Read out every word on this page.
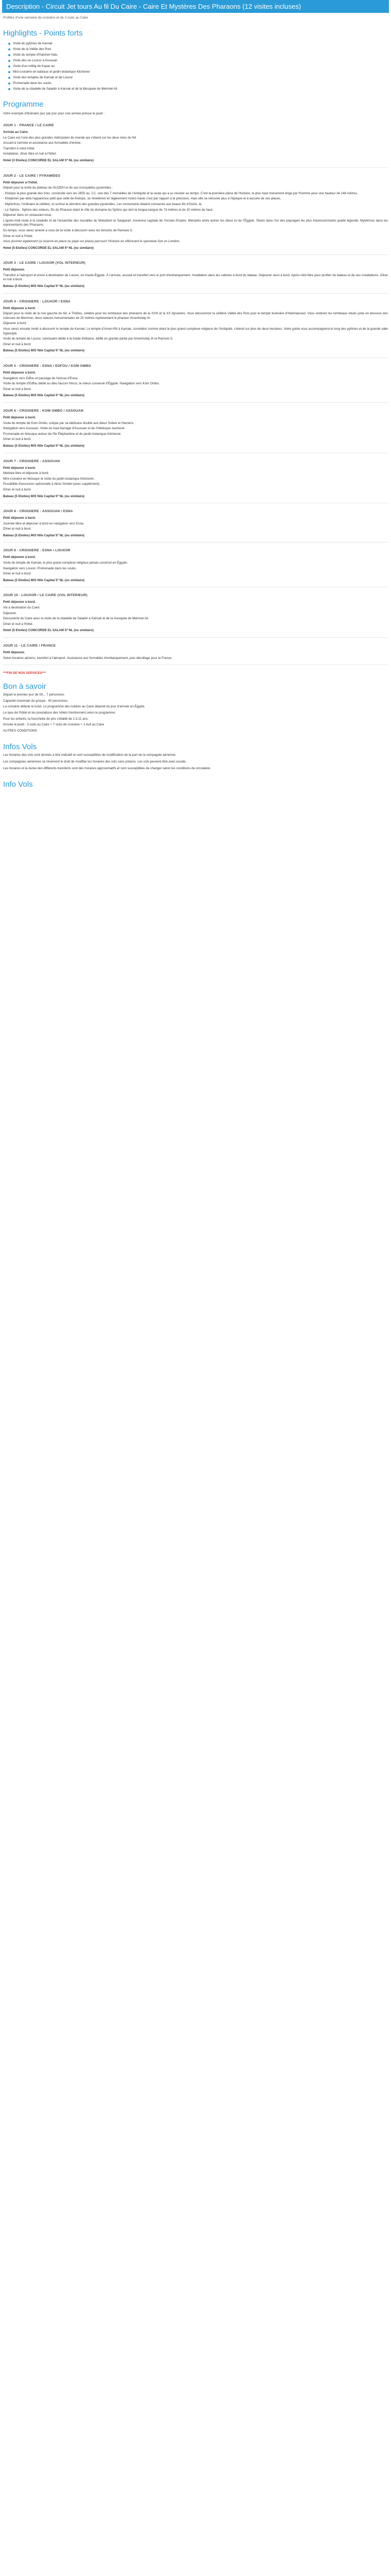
Description - Circuit Jet tours Au fil Du Caire - Caire Et Mystères Des Pharaons (12 visites incluses)
Profitez d'une semaine de croisière et de 3 nuits au Caire
Highlights - Points forts
Visite du pylônes de Karnak
Visite de la Vallée des Rois
Visite du temple d'Hatchet Hatu
Visite des ce Loucor à Assouan
Visite d'un intiilaj de Kapar au
Mini-croisière en bateaux et jardin botanique Kitchener
Visite des temples de Karnak et de Louxor
Promenade dans les souks
Visite de la citadelle de Saladin à Karnak et de la Mosquée de Mehmet Ali
Programme
Votre exemple d'itinéraire jour par jour pour une arrivée prévue le jeudi :
JOUR 1 - FRANCE / LE CAIRE

Arrivée au Caire.

Le Caire est l'une des plus grandes métropoles du monde qui s'étend sur les deux rives du Nil.

Accueil à l'arrivée et assistance aux formalités d'entrée.

Transfert à votre hôtel.

Installation, dîner libre et nuit à l'hôtel.

Hotel (3 Etoiles) CONCORDE EL SALAM 5* NL (ou similaire)

JOUR 2 - LE CAIRE / PYRAMIDES

Petit déjeuner à l'hôtel.

Départ pour la visite du plateau de GUIZEH et de ses incroyables pyramides :

- Khéops la plus grande des trois, construite vers les 2650 av. J.C. une des 7 merveilles de l'Antiquité et la seule qui a su résister au temps. C'est la première pièce de l'histoire, le plus haut monument érigé par l'homme pour une hauteur de 146 mètres.

- Khéphren par-delà l'apparence petit que celle de Khéops, se révélèrent en légèrement moins haute c'est par rapport à la précision, mais elle se retrouve plus à l'époque et à aucune de ses places.

- Mykérinos, l'ordinaire la célèbre, et surtout la dernière des grandes pyramides. Les monuments étaient consacrés aux beaux fils d'Osiris, la

- Le Sphinx : Sphinx des voleurs, fils du Pharaon étant le rôle du domaine du Sphinx qui dort la longue-langue de 73 mètres et de 20 mètres de haut.

Déjeuner dans un restaurant local.

L'après-midi visite à la citadelle et de l'ensemble des murailles du Mokattam et Saqqarah. Ancienne capitale de l'Ancien Empire, Memphis entre autres les dieux ici de l'Égypte. Situés dans l'un des paysages les plus impressionnants quelle légende, Mykérinos dans les représentants des Pharaons.

Du temps, vous serez amené à vous de la visite à découvrir avec les témoins de Ramsès II.

Dîner et nuit à l'hôtel.

Vous pourrez également (si réservé en place ou payé sur place) parcourir l'histoire en effectuant le spectacle Son et Lumière.

Hotel (5 Etoiles) CONCORDE EL SALAM 5* NL (ou similaire)

JOUR 3 - LE CAIRE / LOUXOR (VOL INTERIEUR)

Petit déjeuner.

Transfert à l'aéroport et envol à destination de Louxor, en Haute-Égypte. À l'arrivée, accueil et transfert vers le port d'embarquement. Installation dans les cabines à bord du bateau. Déjeuner servi à bord. Après-midi libre pour profiter du bateau et de ses installations. Dîner et nuit à bord.

Bateau (5 Etoiles) M/S Nile Capital 5* NL (ou similaire)

JOUR 4 - CROISIERE : LOUXOR / ESNA

Petit déjeuner à bord.

Départ pour la visite de la rive gauche du Nil, à Thèbes, célèbre pour les tombeaux des pharaons de la XVIII et la XX dynasties. Vous découvrirez la célèbre Vallée des Rois puis le temple funéraire d'Hatchepsout. Vous visiterez les tombeaux situés juste en dessous des colosses de Memnon, deux statues monumentales de 20 mètres représentant le pharaon Amenhotep III.

Déjeuner à bord.

Vous serez ensuite invité à découvrir le temple de Karnak. Le temple d'Amon-Rê à Karnak, considéré comme étant le plus grand complexe religieux de l'Antiquité, s'étend sur plus de deux hectares. Votre guide vous accompagnera le long des pylônes et de la grande salle hypostyle.

Visite du temple de Louxor, sanctuaire dédié à la triade thébaine, édifié en grande partie par Amenhotep III et Ramsès II.

Dîner et nuit à bord.

Bateau (5 Etoiles) M/S Nile Capital 5* NL (ou similaire)

JOUR 5 - CROISIERE : ESNA / EDFOU / KOM OMBO

Petit déjeuner à bord.

Navigation vers Edfou et passage de l'écluse d'Esna.

Visite du temple d'Edfou dédié au dieu faucon Horus, le mieux conservé d'Égypte. Navigation vers Kom Ombo.

Dîner et nuit à bord.

Bateau (5 Etoiles) M/S Nile Capital 5* NL (ou similaire)

JOUR 6 - CROISIERE : KOM OMBO / ASSOUAN

Petit déjeuner à bord.

Visite du temple de Kom Ombo, unique par sa dédicace double aux dieux Sobek et Haroeris.

Navigation vers Assouan. Visite du haut barrage d'Assouan et de l'obélisque inachevé.

Promenade en felouque autour de l'île Éléphantine et du jardin botanique Kitchener.

Dîner et nuit à bord.

Bateau (5 Etoiles) M/S Nile Capital 5* NL (ou similaire)

JOUR 7 - CROISIERE : ASSOUAN

Petit déjeuner à bord.

Matinée libre et déjeuner à bord.

Mini-croisière en felouque et visite du jardin botanique Kitchener.

Possibilité d'excursion optionnelle à Abou Simbel (avec supplément).

Dîner et nuit à bord.

Bateau (5 Etoiles) M/S Nile Capital 5* NL (ou similaire)

JOUR 8 - CROISIERE : ASSOUAN / ESNA

Petit déjeuner à bord.

Journée libre et déjeuner à bord en navigation vers Esna.

Dîner et nuit à bord.

Bateau (5 Etoiles) M/S Nile Capital 5* NL (ou similaire)

JOUR 9 - CROISIERE : ESNA / LOUXOR

Petit déjeuner à bord.

Visite du temple de Karnak, le plus grand complexe religieux jamais construit en Égypte.

Navigation vers Louxor. Promenade dans les souks.

Dîner et nuit à bord.

Bateau (5 Etoiles) M/S Nile Capital 5* NL (ou similaire)

JOUR 10 - LOUXOR / LE CAIRE (VOL INTERIEUR)

Petit déjeuner à bord.

Vol à destination du Caire.

Déjeuner.

Découverte du Caire avec la visite de la citadelle de Saladin à Karnak et de la mosquée de Mehmet Ali.

Dîner et nuit à l'hôtel.

Hotel (5 Etoiles) CONCORDE EL SALAM 5* NL (ou similaire)

JOUR 11 - LE CAIRE / FRANCE

Petit déjeuner.

Selon horaires aériens, transfert à l'aéroport. Assistance aux formalités d'embarquement, puis décollage pour la France.

***FIN DE NOS SERVICES***
Bon à savoir

Départ le premier jour de 5h... 7 personnes.

Capacité maximale du groupe : 40 personnes.

La croisière débute le lundi. Le programme des nuitées au Caire dépend du jour d'arrivée en Égypte.

Le taux de l'hôtel et les prestations des hôtels fonctionnent selon le programme.

Pour les enfants, la fourchette de prix s'établit de 2 à 11 ans.

Arrivée le jeudi : 3 nuits au Caire + 7 nuits de croisière + 1 nuit au Caire

AUTRES CONDITIONS

Infos Vols

Les horaires des vols sont donnés à titre indicatif et sont susceptibles de modification de la part de la compagnie aérienne.

Les compagnies aériennes se réservent le droit de modifier les horaires des vols sans préavis. Les vols peuvent être avec escale.

Les horaires et la durée des différents transferts sont des horaires approximatifs et sont susceptibles de changer selon les conditions de circulation.

Info Vols
